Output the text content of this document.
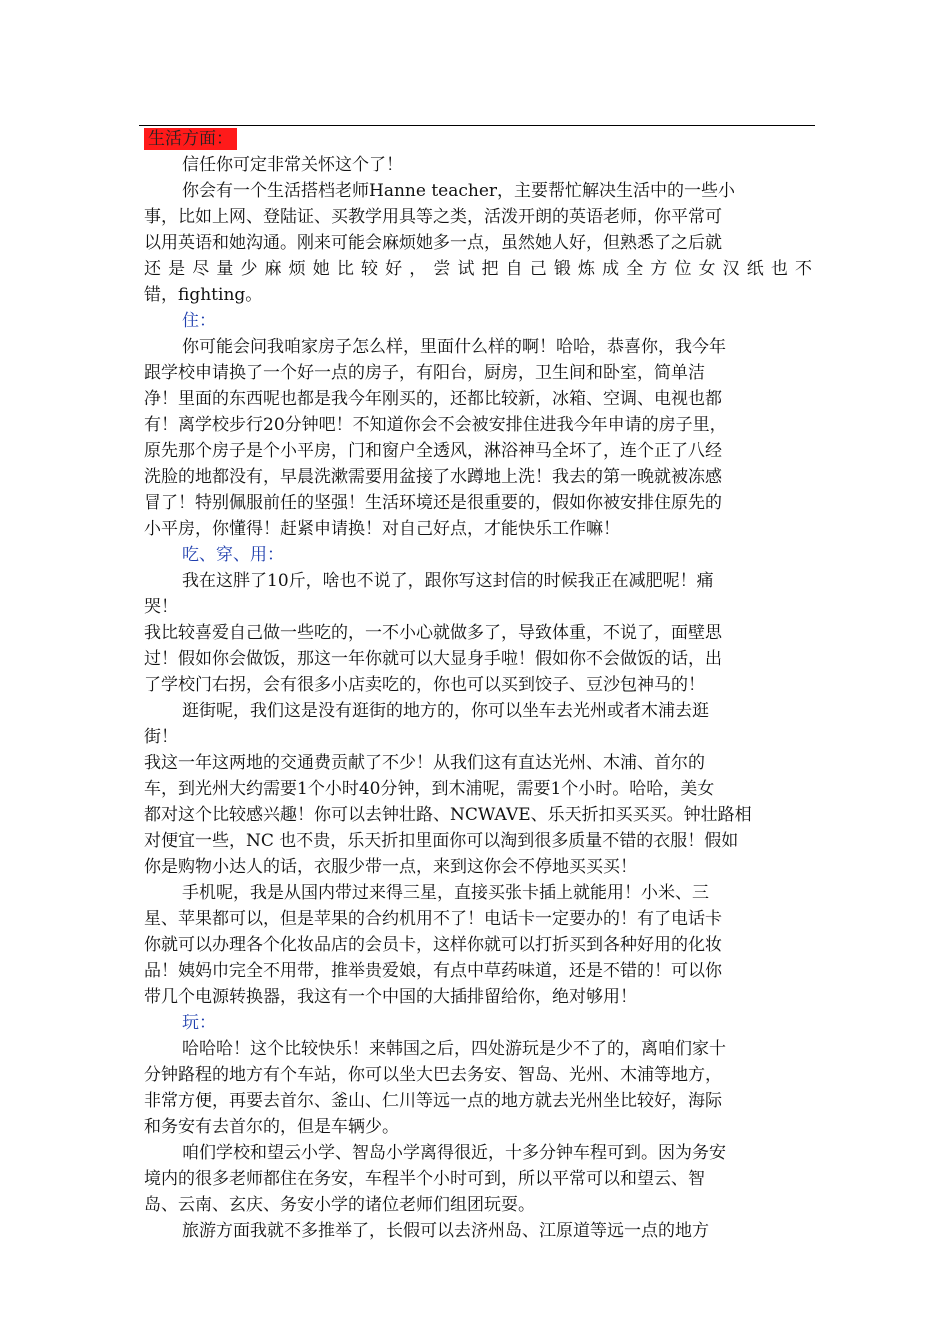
生活方面：
信任你可定非常关怀这个了！
你会有一个生活搭档老师Hanne teacher，主要帮忙解决生活中的一些小
事，比如上网、登陆证、买教学用具等之类，活泼开朗的英语老师，你平常可
以用英语和她沟通。刚来可能会麻烦她多一点，虽然她人好，但熟悉了之后就
还是尽量少麻烦她比较好，尝试把自己锻炼成全方位女汉纸也不
错，fighting。
住：
你可能会问我咱家房子怎么样，里面什么样的啊！哈哈，恭喜你，我今年
跟学校申请换了一个好一点的房子，有阳台，厨房，卫生间和卧室，简单洁
净！里面的东西呢也都是我今年刚买的，还都比较新，冰箱、空调、电视也都
有！离学校步行20分钟吧！不知道你会不会被安排住进我今年申请的房子里，
原先那个房子是个小平房，门和窗户全透风，淋浴神马全坏了，连个正了八经
洗脸的地都没有，早晨洗漱需要用盆接了水蹲地上洗！我去的第一晚就被冻感
冒了！特别佩服前任的坚强！生活环境还是很重要的，假如你被安排住原先的
小平房，你懂得！赶紧申请换！对自己好点，才能快乐工作嘛！
吃、穿、用：
我在这胖了10斤，啥也不说了，跟你写这封信的时候我正在减肥呢！痛
哭！
我比较喜爱自己做一些吃的，一不小心就做多了，导致体重，不说了，面壁思
过！假如你会做饭，那这一年你就可以大显身手啦！假如你不会做饭的话，出
了学校门右拐，会有很多小店卖吃的，你也可以买到饺子、豆沙包神马的！
逛街呢，我们这是没有逛街的地方的，你可以坐车去光州或者木浦去逛
街！
我这一年这两地的交通费贡献了不少！从我们这有直达光州、木浦、首尔的
车，到光州大约需要1个小时40分钟，到木浦呢，需要1个小时。哈哈，美女
都对这个比较感兴趣！你可以去钟壮路、NCWAVE、乐天折扣买买买。钟壮路相
对便宜一些，NC 也不贵，乐天折扣里面你可以淘到很多质量不错的衣服！假如
你是购物小达人的话，衣服少带一点，来到这你会不停地买买买！
手机呢，我是从国内带过来得三星，直接买张卡插上就能用！小米、三
星、苹果都可以，但是苹果的合约机用不了！电话卡一定要办的！有了电话卡
你就可以办理各个化妆品店的会员卡，这样你就可以打折买到各种好用的化妆
品！姨妈巾完全不用带，推举贵爱娘，有点中草药味道，还是不错的！可以你
带几个电源转换器，我这有一个中国的大插排留给你，绝对够用！
玩：
哈哈哈！这个比较快乐！来韩国之后，四处游玩是少不了的，离咱们家十
分钟路程的地方有个车站，你可以坐大巴去务安、智岛、光州、木浦等地方，
非常方便，再要去首尔、釜山、仁川等远一点的地方就去光州坐比较好，海际
和务安有去首尔的，但是车辆少。
咱们学校和望云小学、智岛小学离得很近，十多分钟车程可到。因为务安
境内的很多老师都住在务安，车程半个小时可到，所以平常可以和望云、智
岛、云南、玄庆、务安小学的诸位老师们组团玩耍。
旅游方面我就不多推举了，长假可以去济州岛、江原道等远一点的地方
